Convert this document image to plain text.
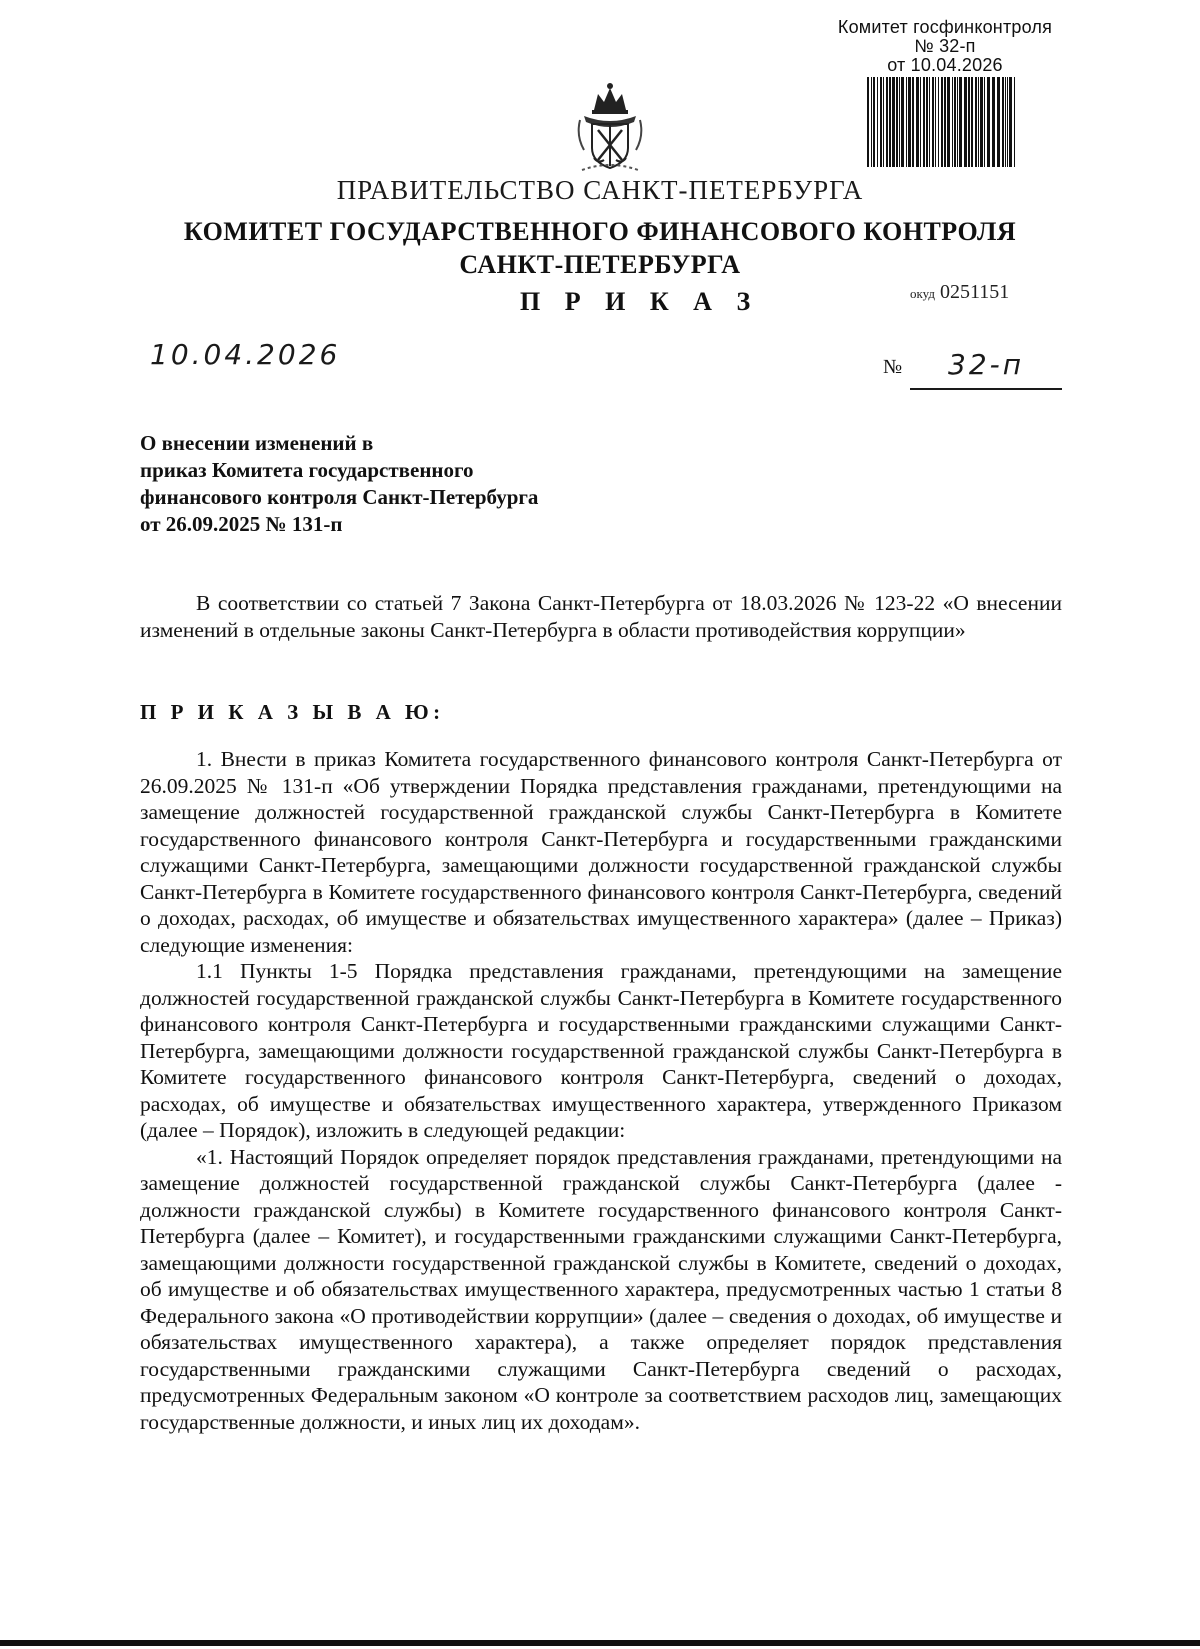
Комитет госфинконтроля
№ 32-п
от 10.04.2026
ПРАВИТЕЛЬСТВО САНКТ-ПЕТЕРБУРГА
КОМИТЕТ ГОСУДАРСТВЕННОГО ФИНАНСОВОГО КОНТРОЛЯ
САНКТ-ПЕТЕРБУРГА
П Р И К А З	окуд 0251151
10.04.2026	№ 32-п
О внесении изменений в
приказ Комитета государственного
финансового контроля Санкт-Петербурга
от 26.09.2025 № 131-п

В соответствии со статьей 7 Закона Санкт-Петербурга от 18.03.2026 № 123-22 «О внесении изменений в отдельные законы Санкт-Петербурга в области противодействия коррупции»

П Р И К А З Ы В А Ю:

1. Внести в приказ Комитета государственного финансового контроля Санкт-Петербурга от 26.09.2025 № 131-п «Об утверждении Порядка представления гражданами, претендующими на замещение должностей государственной гражданской службы Санкт-Петербурга в Комитете государственного финансового контроля Санкт-Петербурга и государственными гражданскими служащими Санкт-Петербурга, замещающими должности государственной гражданской службы Санкт-Петербурга в Комитете государственного финансового контроля Санкт-Петербурга, сведений о доходах, расходах, об имуществе и обязательствах имущественного характера» (далее – Приказ) следующие изменения:

1.1 Пункты 1-5 Порядка представления гражданами, претендующими на замещение должностей государственной гражданской службы Санкт-Петербурга в Комитете государственного финансового контроля Санкт-Петербурга и государственными гражданскими служащими Санкт-Петербурга, замещающими должности государственной гражданской службы Санкт-Петербурга в Комитете государственного финансового контроля Санкт-Петербурга, сведений о доходах, расходах, об имуществе и обязательствах имущественного характера, утвержденного Приказом (далее – Порядок), изложить в следующей редакции:

«1. Настоящий Порядок определяет порядок представления гражданами, претендующими на замещение должностей государственной гражданской службы Санкт-Петербурга (далее - должности гражданской службы) в Комитете государственного финансового контроля Санкт-Петербурга (далее – Комитет), и государственными гражданскими служащими Санкт-Петербурга, замещающими должности государственной гражданской службы в Комитете, сведений о доходах, об имуществе и об обязательствах имущественного характера, предусмотренных частью 1 статьи 8 Федерального закона «О противодействии коррупции» (далее – сведения о доходах, об имуществе и обязательствах имущественного характера), а также определяет порядок представления государственными гражданскими служащими Санкт-Петербурга сведений о расходах, предусмотренных Федеральным законом «О контроле за соответствием расходов лиц, замещающих государственные должности, и иных лиц их доходам».
